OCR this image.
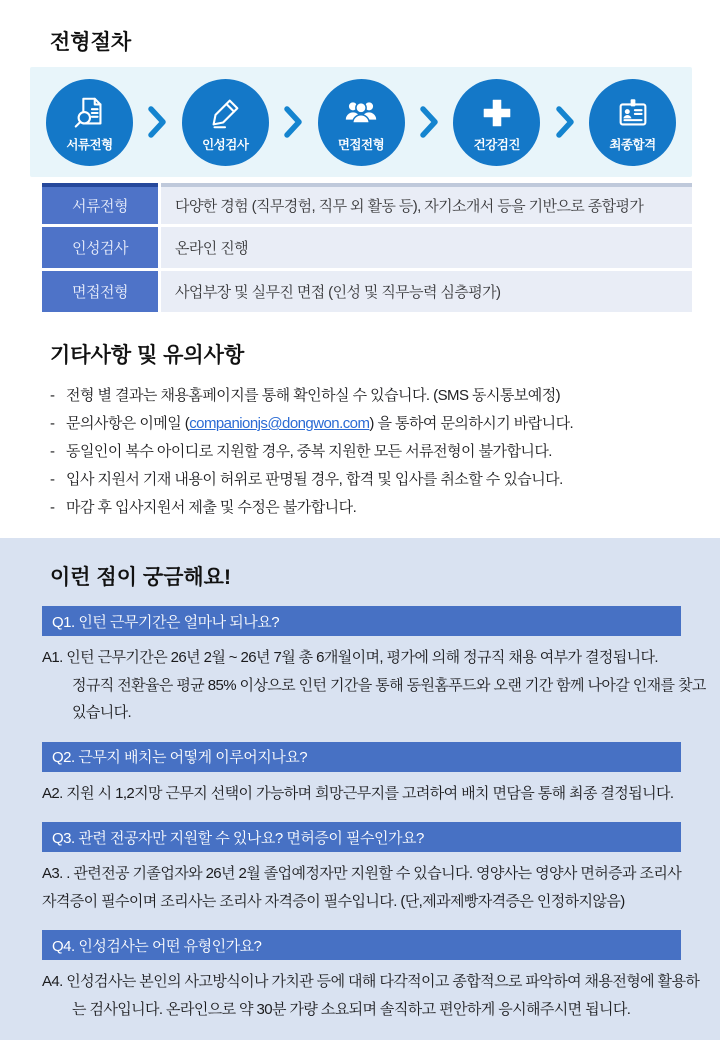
전형절차
서류전형	인성검사	면접전형	건강검진	최종합격
서류전형	다양한 경험 (직무경험, 직무 외 활동 등), 자기소개서 등을 기반으로 종합평가
인성검사	온라인 진행
면접전형	사업부장 및 실무진 면접 (인성 및 직무능력 심층평가)
기타사항 및 유의사항
- 전형 별 결과는 채용홈페이지를 통해 확인하실 수 있습니다. (SMS 동시통보예정)
- 문의사항은 이메일 (companionjs@dongwon.com) 을 통하여 문의하시기 바랍니다.
- 동일인이 복수 아이디로 지원할 경우, 중복 지원한 모든 서류전형이 불가합니다.
- 입사 지원서 기재 내용이 허위로 판명될 경우, 합격 및 입사를 취소할 수 있습니다.
- 마감 후 입사지원서 제출 및 수정은 불가합니다.
이런 점이 궁금해요!
Q1. 인턴 근무기간은 얼마나 되나요?
A1. 인턴 근무기간은 26년 2월 ~ 26년 7월 총 6개월이며, 평가에 의해 정규직 채용 여부가 결정됩니다.
정규직 전환율은 평균 85% 이상으로 인턴 기간을 통해 동원홈푸드와 오랜 기간 함께 나아갈 인재를 찾고
있습니다.
Q2. 근무지 배치는 어떻게 이루어지나요?
A2. 지원 시 1,2지망 근무지 선택이 가능하며 희망근무지를 고려하여 배치 면담을 통해 최종 결정됩니다.
Q3. 관련 전공자만 지원할 수 있나요? 면허증이 필수인가요?
A3. . 관련전공 기졸업자와 26년 2월 졸업예정자만 지원할 수 있습니다. 영양사는 영양사 면허증과 조리사
자격증이 필수이며 조리사는 조리사 자격증이 필수입니다. (단,제과제빵자격증은 인정하지않음)
Q4. 인성검사는 어떤 유형인가요?
A4. 인성검사는 본인의 사고방식이나 가치관 등에 대해 다각적이고 종합적으로 파악하여 채용전형에 활용하
는 검사입니다. 온라인으로 약 30분 가량 소요되며 솔직하고 편안하게 응시해주시면 됩니다.
